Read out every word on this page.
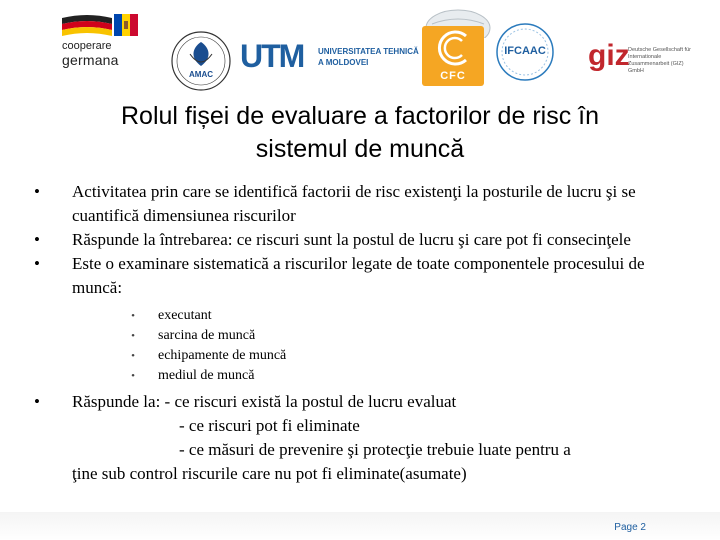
cooperare
germana
AMAC
UTM UNIVERSITATEA TEHNICĂ
A MOLDOVEI
CFC
IFCAAC	giz
Deutsche Gesellschaft für Internationale Zusammenarbeit (GIZ) GmbH
Rolul fișei de evaluare a factorilor de risc în
sistemul de muncă
• Activitatea prin care se identifică factorii de risc existenţi la posturile de lucru şi se cuantifică dimensiunea riscurilor
• Răspunde la întrebarea: ce riscuri sunt la postul de lucru şi care pot fi consecinţele
• Este o examinare sistematică a riscurilor legate de toate componentele procesului de muncă:
•	executant
•	sarcina de muncă
•	echipamente de muncă
•	mediul de muncă
• Răspunde la: - ce riscuri există la postul de lucru evaluat
- ce riscuri pot fi eliminate
- ce măsuri de prevenire şi protecţie trebuie luate pentru a
ţine sub control riscurile care nu pot fi eliminate(asumate)
Page 2
